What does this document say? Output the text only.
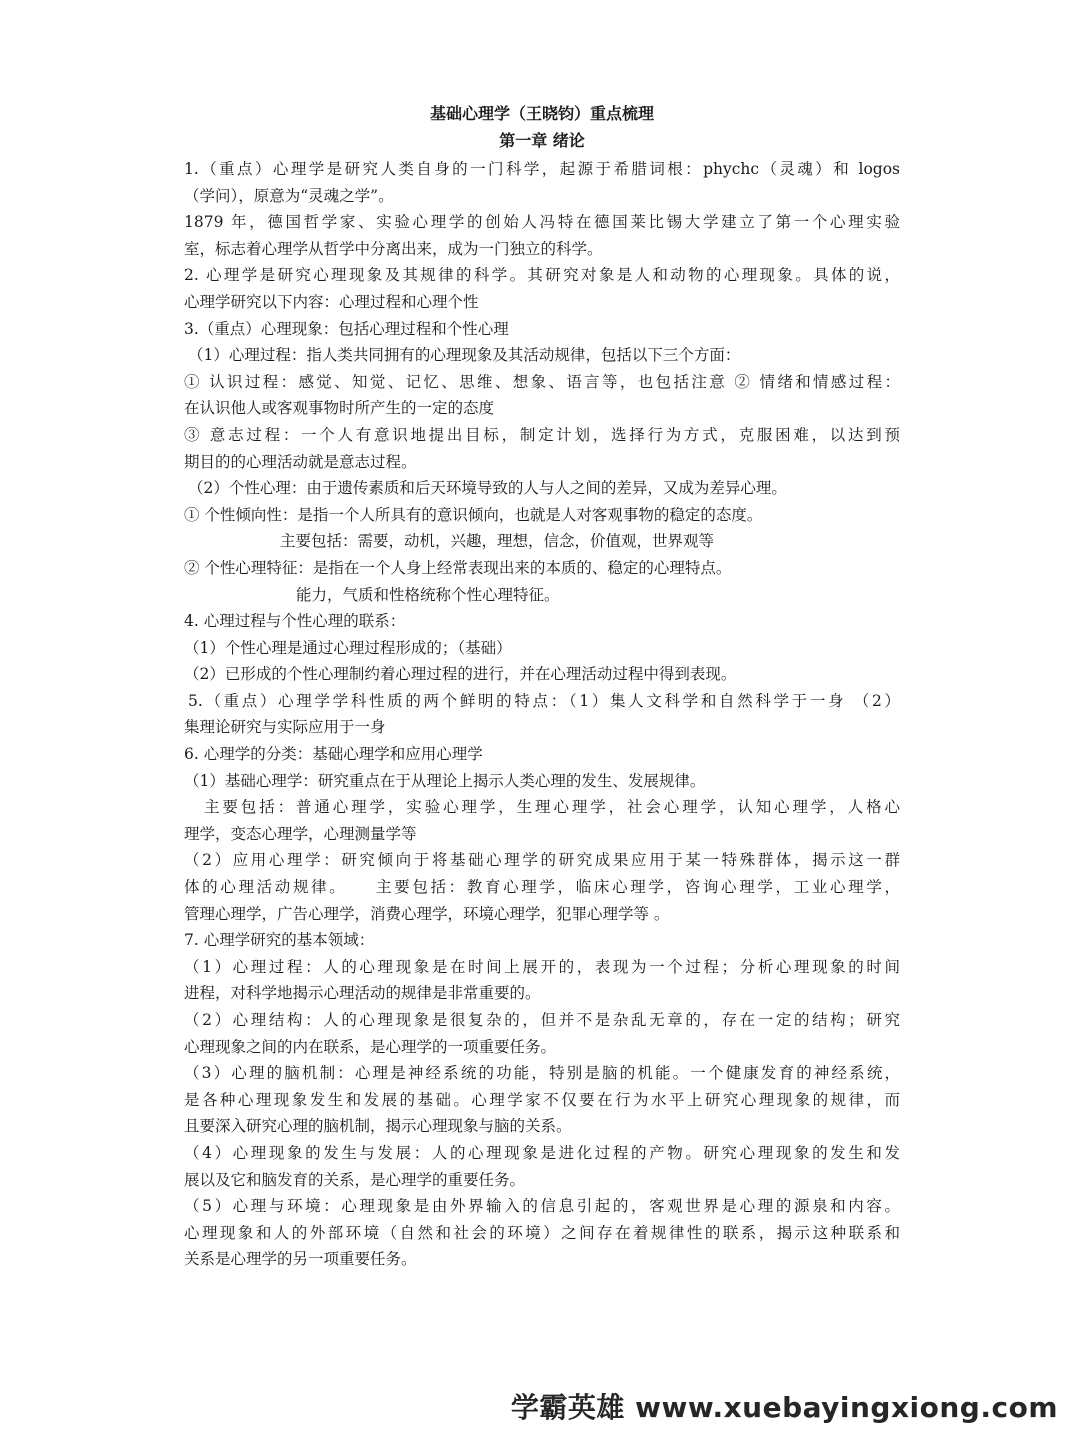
基础心理学（王晓钧）重点梳理

第一章 绪论

1.（重点）心理学是研究人类自身的一门科学，起源于希腊词根：phychc（灵魂）和 logos

（学问），原意为“灵魂之学”。

1879 年，德国哲学家、实验心理学的创始人冯特在德国莱比锡大学建立了第一个心理实验

室，标志着心理学从哲学中分离出来，成为一门独立的科学。

2. 心理学是研究心理现象及其规律的科学。其研究对象是人和动物的心理现象。具体的说，

心理学研究以下内容：心理过程和心理个性

3.（重点）心理现象：包括心理过程和个性心理

（1）心理过程：指人类共同拥有的心理现象及其活动规律，包括以下三个方面：

① 认识过程：感觉、知觉、记忆、思维、想象、语言等，也包括注意 ② 情绪和情感过程：

在认识他人或客观事物时所产生的一定的态度

③ 意志过程：一个人有意识地提出目标，制定计划，选择行为方式，克服困难，以达到预

期目的的心理活动就是意志过程。

（2）个性心理：由于遗传素质和后天环境导致的人与人之间的差异，又成为差异心理。

① 个性倾向性：是指一个人所具有的意识倾向，也就是人对客观事物的稳定的态度。

主要包括：需要，动机，兴趣，理想，信念，价值观，世界观等

② 个性心理特征：是指在一个人身上经常表现出来的本质的、稳定的心理特点。

能力，气质和性格统称个性心理特征。

4. 心理过程与个性心理的联系：

（1）个性心理是通过心理过程形成的；（基础）

（2）已形成的个性心理制约着心理过程的进行，并在心理活动过程中得到表现。

5.（重点）心理学学科性质的两个鲜明的特点：（1）集人文科学和自然科学于一身 （2）

集理论研究与实际应用于一身

6. 心理学的分类：基础心理学和应用心理学

（1）基础心理学：研究重点在于从理论上揭示人类心理的发生、发展规律。

主要包括：普通心理学，实验心理学，生理心理学，社会心理学，认知心理学，人格心

理学，变态心理学，心理测量学等

（2）应用心理学：研究倾向于将基础心理学的研究成果应用于某一特殊群体，揭示这一群

体的心理活动规律。　　主要包括：教育心理学，临床心理学，咨询心理学，工业心理学，

管理心理学，广告心理学，消费心理学，环境心理学，犯罪心理学等 。

7. 心理学研究的基本领域：

（1）心理过程：人的心理现象是在时间上展开的，表现为一个过程；分析心理现象的时间

进程，对科学地揭示心理活动的规律是非常重要的。

（2）心理结构：人的心理现象是很复杂的，但并不是杂乱无章的，存在一定的结构；研究

心理现象之间的内在联系，是心理学的一项重要任务。

（3）心理的脑机制：心理是神经系统的功能，特别是脑的机能。一个健康发育的神经系统，

是各种心理现象发生和发展的基础。心理学家不仅要在行为水平上研究心理现象的规律，而

且要深入研究心理的脑机制，揭示心理现象与脑的关系。

（4）心理现象的发生与发展：人的心理现象是进化过程的产物。研究心理现象的发生和发

展以及它和脑发育的关系，是心理学的重要任务。

（5）心理与环境：心理现象是由外界输入的信息引起的，客观世界是心理的源泉和内容。

心理现象和人的外部环境（自然和社会的环境）之间存在着规律性的联系，揭示这种联系和

关系是心理学的另一项重要任务。

学霸英雄 www.xuebayingxiong.com
